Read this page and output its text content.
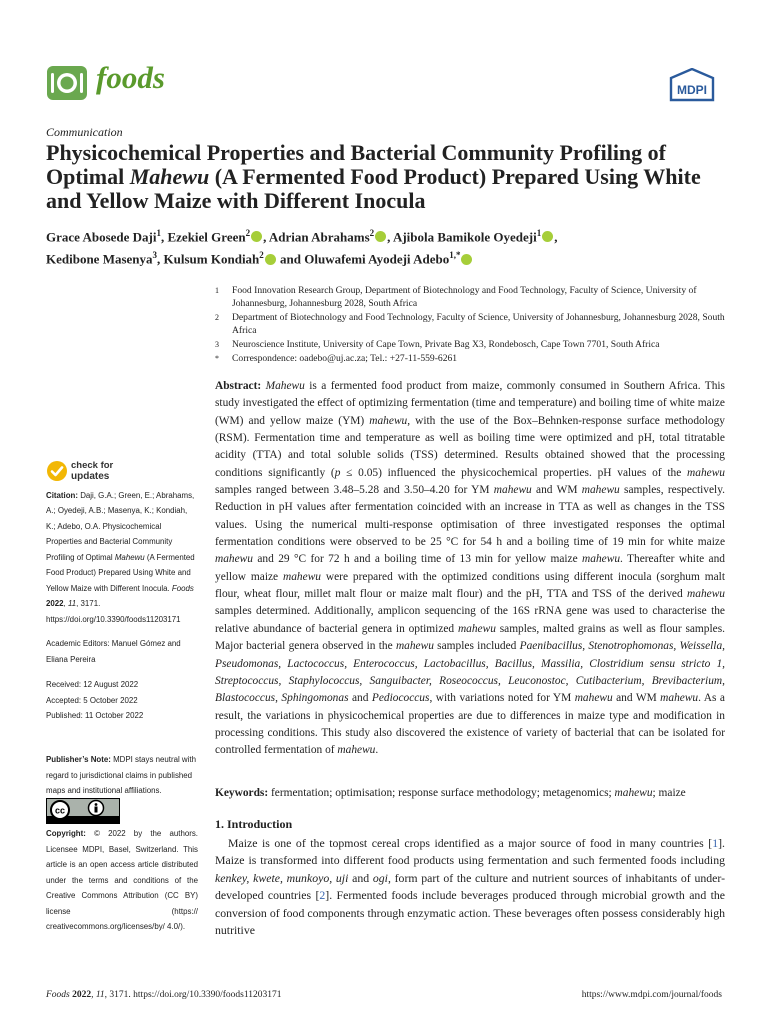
foods	MDPI
Communication
Physicochemical Properties and Bacterial Community Profiling of Optimal Mahewu (A Fermented Food Product) Prepared Using White and Yellow Maize with Different Inocula
Grace Abosede Daji$^1$, Ezekiel Green$^2$ , Adrian Abrahams$^2$ , Ajibola Bamikole Oyedeji$^1$ ,
Kedibone Masenya$^3$, Kulsum Kondiah$^2$ and Oluwafemi Ayodeji Adebo$^{1,*}$
1	Food Innovation Research Group, Department of Biotechnology and Food Technology, Faculty of Science, University of Johannesburg, Johannesburg 2028, South Africa
2	Department of Biotechnology and Food Technology, Faculty of Science, University of Johannesburg, Johannesburg 2028, South Africa
3	Neuroscience Institute, University of Cape Town, Private Bag X3, Rondebosch, Cape Town 7701, South Africa
*	Correspondence: oadebo@uj.ac.za; Tel.: +27-11-559-6261
Abstract: Mahewu is a fermented food product from maize, commonly consumed in Southern Africa. This study investigated the effect of optimizing fermentation (time and temperature) and boiling time of white maize (WM) and yellow maize (YM) mahewu, with the use of the Box–Behnken-response surface methodology (RSM). Fermentation time and temperature as well as boiling time were optimized and pH, total titratable acidity (TTA) and total soluble solids (TSS) determined. Results obtained showed that the processing conditions significantly (p ≤ 0.05) influenced the physicochemical properties. pH values of the mahewu samples ranged between 3.48–5.28 and 3.50–4.20 for YM mahewu and WM mahewu samples, respectively. Reduction in pH values after fermentation coincided with an increase in TTA as well as changes in the TSS values. Using the numerical multi-response optimisation of three investigated responses the optimal fermentation conditions were observed to be 25 °C for 54 h and a boiling time of 19 min for white maize mahewu and 29 °C for 72 h and a boiling time of 13 min for yellow maize mahewu. Thereafter white and yellow maize mahewu were prepared with the optimized conditions using different inocula (sorghum malt flour, wheat flour, millet malt flour or maize malt flour) and the pH, TTA and TSS of the derived mahewu samples determined. Additionally, amplicon sequencing of the 16S rRNA gene was used to characterise the relative abundance of bacterial genera in optimized mahewu samples, malted grains as well as flour samples. Major bacterial genera observed in the mahewu samples included Paenibacillus, Stenotrophomonas, Weissella, Pseudomonas, Lactococcus, Enterococcus, Lactobacillus, Bacillus, Massilia, Clostridium sensu stricto 1, Streptococcus, Staphylococcus, Sanguibacter, Roseococcus, Leuconostoc, Cutibacterium, Brevibacterium, Blastococcus, Sphingomonas and Pediococcus, with variations noted for YM mahewu and WM mahewu. As a result, the variations in physicochemical properties are due to differences in maize type and modification in processing conditions. This study also discovered the existence of variety of bacterial that can be isolated for controlled fermentation of mahewu.
Keywords: fermentation; optimisation; response surface methodology; metagenomics; mahewu; maize
check for
updates
Citation: Daji, G.A.; Green, E.; Abrahams, A.; Oyedeji, A.B.; Masenya, K.; Kondiah, K.; Adebo, O.A. Physicochemical Properties and Bacterial Community Profiling of Optimal Mahewu (A Fermented Food Product) Prepared Using White and Yellow Maize with Different Inocula. Foods 2022, 11, 3171. https://doi.org/10.3390/foods11203171
Academic Editors: Manuel Gómez and Eliana Pereira
Received: 12 August 2022
Accepted: 5 October 2022
Published: 11 October 2022
Publisher’s Note: MDPI stays neutral with regard to jurisdictional claims in published maps and institutional affiliations.
cc
Copyright: © 2022 by the authors. Licensee MDPI, Basel, Switzerland. This article is an open access article distributed under the terms and conditions of the Creative Commons Attribution (CC BY) license (https:// creativecommons.org/licenses/by/ 4.0/).
1. Introduction
Maize is one of the topmost cereal crops identified as a major source of food in many countries [1]. Maize is transformed into different food products using fermentation and such fermented foods including kenkey, kwete, munkoyo, uji and ogi, form part of the culture and nutrient sources of inhabitants of under-developed countries [2]. Fermented foods include beverages produced through microbial growth and the conversion of food components through enzymatic action. These beverages often possess considerably high nutritive
Foods 2022, 11, 3171. https://doi.org/10.3390/foods11203171	https://www.mdpi.com/journal/foods
